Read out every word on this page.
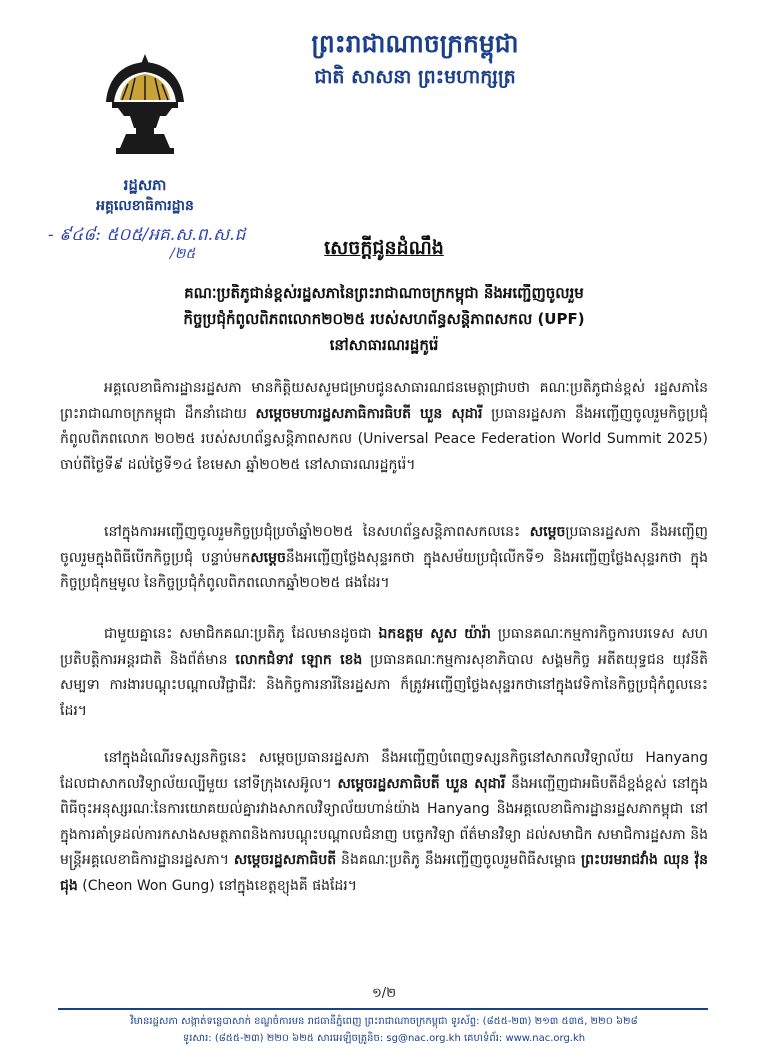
ព្រះរាជាណាចក្រកម្ពុជា
ជាតិ សាសនា ព្រះមហាក្សត្រ
រដ្ឋសភា
អគ្គលេខាធិការដ្ឋាន
- ៩៤៨: ៥០៥/អគ.ស.ព.ស.ជ
/២៥	សេចក្តីជូនដំណឹង
គណៈប្រតិភូជាន់ខ្ពស់រដ្ឋសភានៃព្រះរាជាណាចក្រកម្ពុជា នឹងអញ្ជើញចូលរួម
កិច្ចប្រជុំកំពូលពិភពលោក២០២៥ របស់សហព័ន្ធសន្តិភាពសកល (UPF)
នៅសាធារណរដ្ឋកូរ៉េ

អគ្គលេខាធិការដ្ឋានរដ្ឋសភា មានកិត្តិយសសូមជម្រាបជូនសាធារណជនមេត្តាជ្រាបថា គណៈប្រតិភូជាន់ខ្ពស់ រដ្ឋសភានៃព្រះរាជាណាចក្រកម្ពុជា ដឹកនាំដោយ សម្តេចមហារដ្ឋសភាធិការធិបតី ឃួន សុដារី ប្រធានរដ្ឋសភា នឹងអញ្ជើញចូលរួមកិច្ចប្រជុំកំពូលពិភពលោក ២០២៥ របស់សហព័ន្ធសន្តិភាពសកល (Universal Peace Federation World Summit 2025) ចាប់ពីថ្ងៃទី៩ ដល់ថ្ងៃទី១៤ ខែមេសា ឆ្នាំ២០២៥ នៅសាធារណរដ្ឋកូរ៉េ។

នៅក្នុងការអញ្ជើញចូលរួមកិច្ចប្រជុំប្រចាំឆ្នាំ២០២៥ នៃសហព័ន្ធសន្តិភាពសកលនេះ សម្តេចប្រធានរដ្ឋសភា នឹងអញ្ជើញចូលរួមក្នុងពិធីបើកកិច្ចប្រជុំ បន្ទាប់មកសម្តេចនឹងអញ្ជើញថ្លែងសុន្ទរកថា ក្នុងសម័យប្រជុំលើកទី១ និងអញ្ជើញថ្លែងសុន្ទរកថា ក្នុងកិច្ចប្រជុំកម្មមូល នៃកិច្ចប្រជុំកំពូលពិភពលោកឆ្នាំ២០២៥ ផងដែរ។

ជាមួយគ្នានេះ សមាជិកគណៈប្រតិភូ ដែលមានដូចជា ឯកឧត្តម សួស យ៉ារ៉ា ប្រធានគណៈកម្មការកិច្ចការបរទេស សហប្រតិបត្តិការអន្តរជាតិ និងព័ត៌មាន លោកជំទាវ ឡោក ខេង ប្រធានគណៈកម្មការសុខាភិបាល សង្គមកិច្ច អតីតយុទ្ធជន យុវនីតិសម្បទា ការងារបណ្តុះបណ្តាលវិជ្ជាជីវៈ និងកិច្ចការនារីនៃរដ្ឋសភា ក៏ត្រូវអញ្ជើញថ្លែងសុន្ទរកថានៅក្នុងវេទិកានៃកិច្ចប្រជុំកំពូលនេះដែរ។

នៅក្នុងដំណើរទស្សនកិច្ចនេះ សម្តេចប្រធានរដ្ឋសភា នឹងអញ្ជើញបំពេញទស្សនកិច្ចនៅសាកលវិទ្យាល័យ Hanyang ដែលជាសាកលវិទ្យាល័យល្បីមួយ នៅទីក្រុងសេអ៊ូល។ សម្តេចរដ្ឋសភាធិបតី ឃួន សុដារី នឹងអញ្ជើញជាអធិបតីដ៏ខ្ពង់ខ្ពស់ នៅក្នុងពិធីចុះអនុស្សរណៈនៃការយោគយល់គ្នារវាងសាកលវិទ្យាល័យហាន់យ៉ាង Hanyang និងអគ្គលេខាធិការដ្ឋានរដ្ឋសភាកម្ពុជា នៅក្នុងការគាំទ្រដល់ការកសាងសមត្ថភាពនិងការបណ្តុះបណ្តាលជំនាញ បច្ចេកវិទ្យា ព័ត៌មានវិទ្យា ដល់សមាជិក សមាជិការដ្ឋសភា និងមន្ត្រីអគ្គលេខាធិការដ្ឋានរដ្ឋសភា។ សម្តេចរដ្ឋសភាធិបតី និងគណៈប្រតិភូ នឹងអញ្ជើញចូលរួមពិធីសម្ពោធ ព្រះបរមរាជវាំង ឈុន វ៉ុន ជុង (Cheon Won Gung) នៅក្នុងខេត្តខ្យុងគី ផងដែរ។

១/២
វិមានរដ្ឋសភា សង្កាត់ទន្លេបាសាក់ ខណ្ឌចំការមន រាជធានីភ្នំពេញ ព្រះរាជាណាចក្រកម្ពុជា ទូរស័ព្ទ: (៨៥៥-២៣) ២១៣ ៥៣៥, ២២០ ៦២៨
ទូរសារ: (៨៥៥-២៣) ២២០ ៦២៥ សារអេឡិចត្រូនិច: sg@nac.org.kh គេហទំព័រ: www.nac.org.kh
